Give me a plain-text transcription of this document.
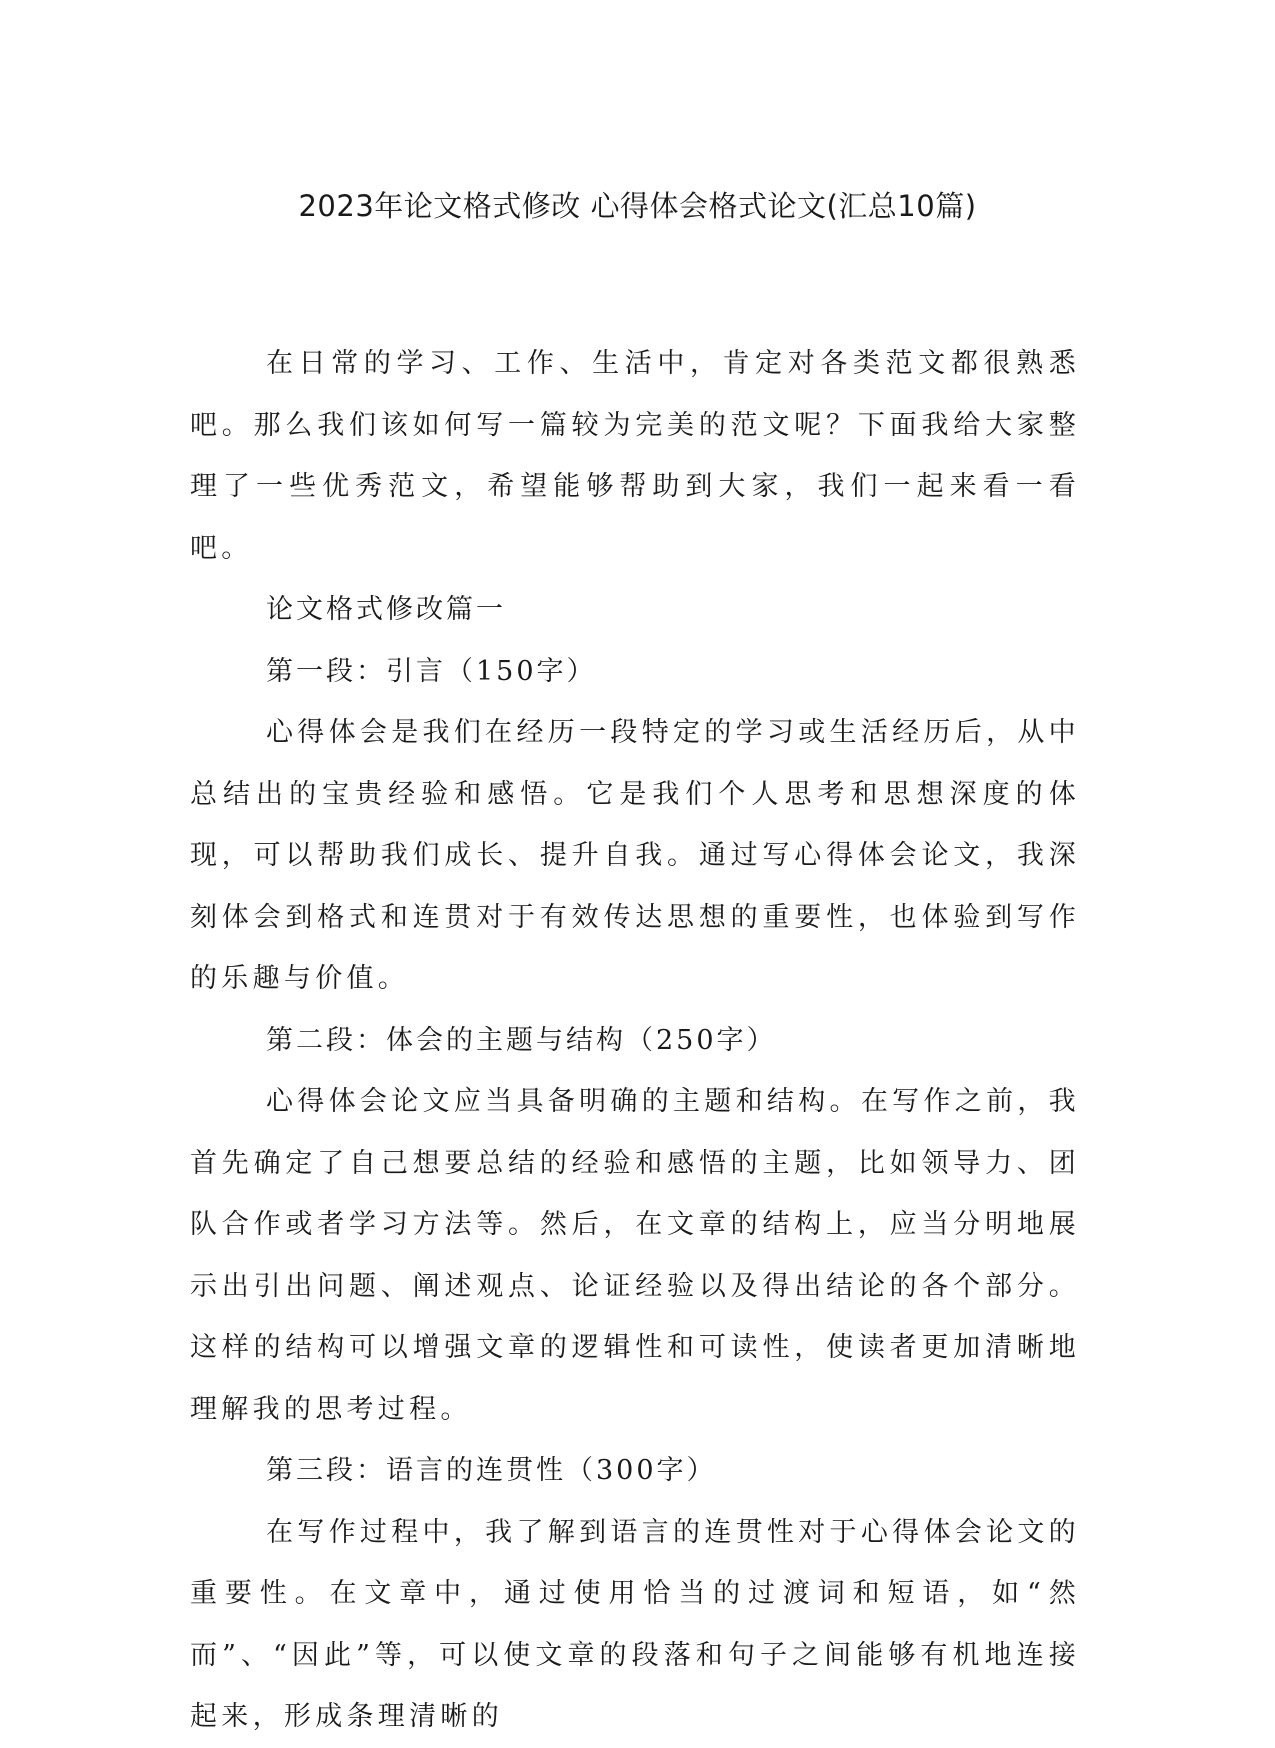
2023年论文格式修改 心得体会格式论文(汇总10篇)

在日常的学习、工作、生活中，肯定对各类范文都很熟悉吧。那么我们该如何写一篇较为完美的范文呢？下面我给大家整理了一些优秀范文，希望能够帮助到大家，我们一起来看一看吧。

论文格式修改篇一

第一段：引言（150字）

心得体会是我们在经历一段特定的学习或生活经历后，从中总结出的宝贵经验和感悟。它是我们个人思考和思想深度的体现，可以帮助我们成长、提升自我。通过写心得体会论文，我深刻体会到格式和连贯对于有效传达思想的重要性，也体验到写作的乐趣与价值。

第二段：体会的主题与结构（250字）

心得体会论文应当具备明确的主题和结构。在写作之前，我首先确定了自己想要总结的经验和感悟的主题，比如领导力、团队合作或者学习方法等。然后，在文章的结构上，应当分明地展示出引出问题、阐述观点、论证经验以及得出结论的各个部分。这样的结构可以增强文章的逻辑性和可读性，使读者更加清晰地理解我的思考过程。

第三段：语言的连贯性（300字）

在写作过程中，我了解到语言的连贯性对于心得体会论文的重要性。在文章中，通过使用恰当的过渡词和短语，如“然而”、“因此”等，可以使文章的段落和句子之间能够有机地连接起来，形成条理清晰的
